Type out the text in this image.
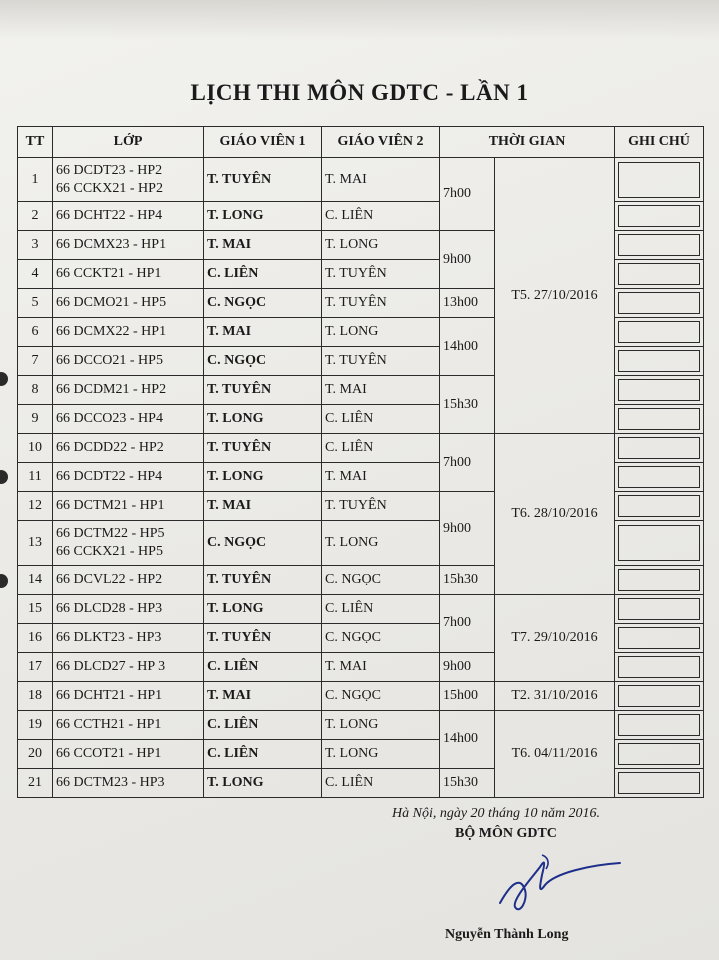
LỊCH THI MÔN GDTC - LẦN 1
TT	LỚP	GIÁO VIÊN 1	GIÁO VIÊN 2	THỜI GIAN		GHI CHÚ
1	66 DCDT23 - HP2
66 CCKX21 - HP2	T. TUYÊN	T. MAI	7h00	T5. 27/10/2016	

2	66 DCHT22 - HP4	T. LONG	C. LIÊN			

3	66 DCMX23 - HP1	T. MAI	T. LONG	9h00		

4	66 CCKT21 - HP1	C. LIÊN	T. TUYÊN			

5	66 DCMO21 - HP5	C. NGỌC	T. TUYÊN	13h00		

6	66 DCMX22 - HP1	T. MAI	T. LONG	14h00		

7	66 DCCO21 - HP5	C. NGỌC	T. TUYÊN			

8	66 DCDM21 - HP2	T. TUYÊN	T. MAI	15h30		

9	66 DCCO23 - HP4	T. LONG	C. LIÊN			

10	66 DCDD22 - HP2	T. TUYÊN	C. LIÊN	7h00	T6. 28/10/2016	

11	66 DCDT22 - HP4	T. LONG	T. MAI			

12	66 DCTM21 - HP1	T. MAI	T. TUYÊN	9h00		

13	66 DCTM22 - HP5
66 CCKX21 - HP5	C. NGỌC	T. LONG			

14	66 DCVL22 - HP2	T. TUYÊN	C. NGỌC	15h30		

15	66 DLCD28 - HP3	T. LONG	C. LIÊN	7h00	T7. 29/10/2016	

16	66 DLKT23 - HP3	T. TUYÊN	C. NGỌC			

17	66 DLCD27 - HP 3	C. LIÊN	T. MAI	9h00		

18	66 DCHT21 - HP1	T. MAI	C. NGỌC	15h00	T2. 31/10/2016	

19	66 CCTH21 - HP1	C. LIÊN	T. LONG	14h00	T6. 04/11/2016	

20	66 CCOT21 - HP1	C. LIÊN	T. LONG			

21	66 DCTM23 - HP3	T. LONG	C. LIÊN	15h30		
Hà Nội, ngày 20 tháng 10 năm 2016.
BỘ MÔN GDTC
Nguyễn Thành Long
